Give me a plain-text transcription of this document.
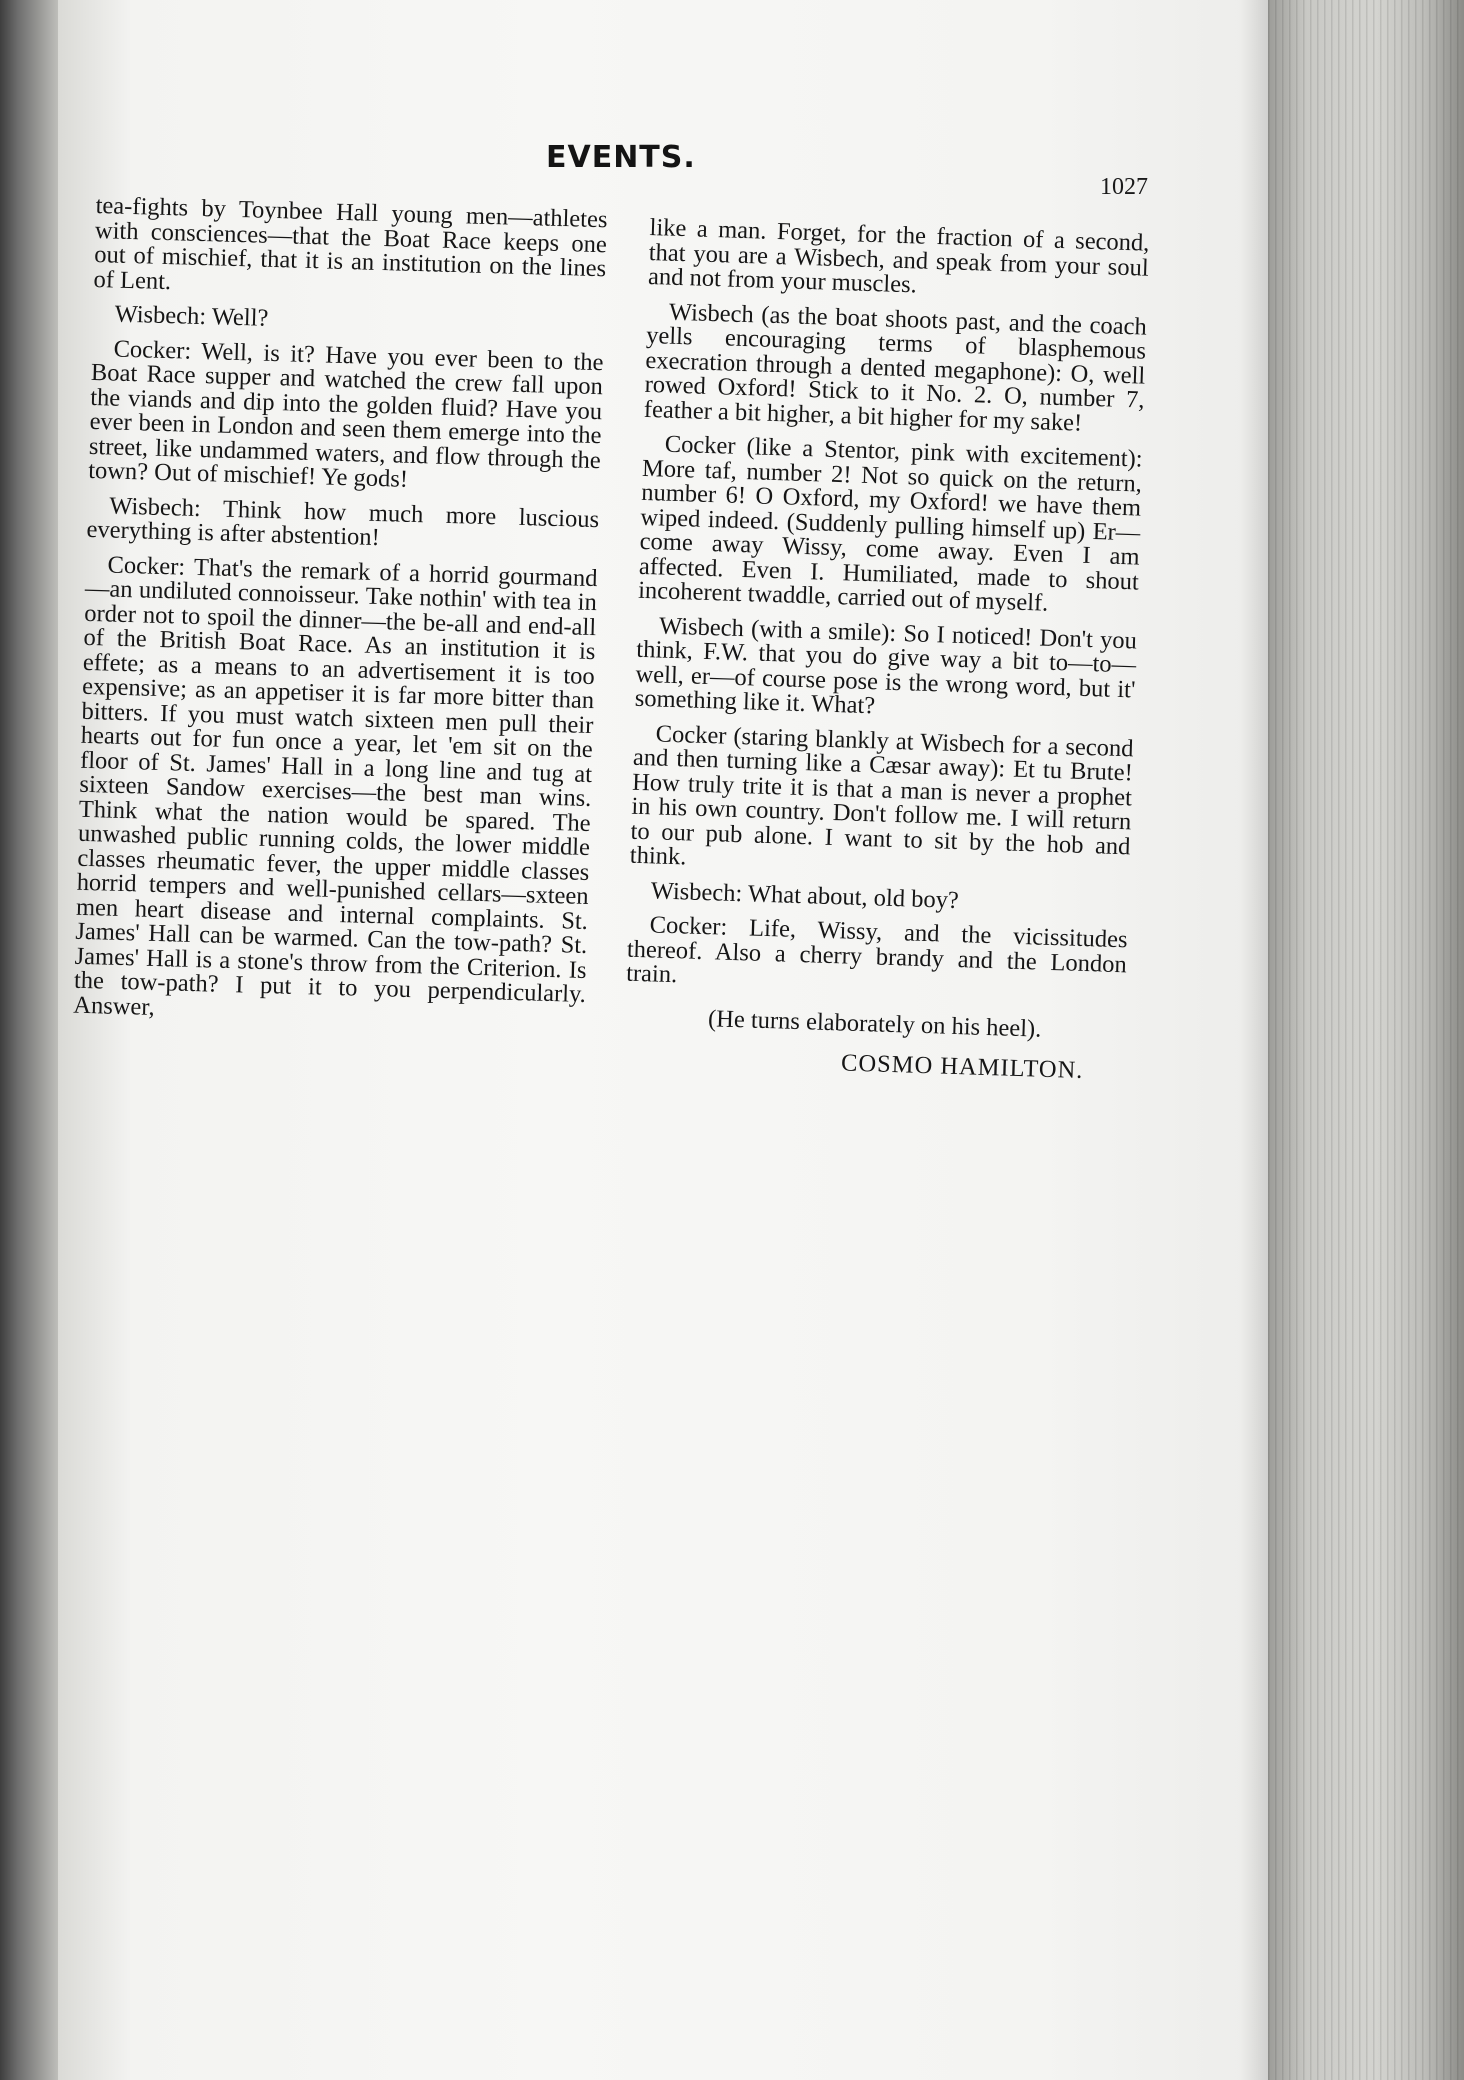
EVENTS.
1027

tea-fights by Toynbee Hall young men—athletes with consciences—that the Boat Race keeps one out of mischief, that it is an institution on the lines of Lent.

Wisbech: Well?

Cocker: Well, is it? Have you ever been to the Boat Race supper and watched the crew fall upon the viands and dip into the golden fluid? Have you ever been in London and seen them emerge into the street, like undammed waters, and flow through the town? Out of mischief! Ye gods!

Wisbech: Think how much more luscious everything is after abstention!

Cocker: That's the remark of a horrid gourmand—an undiluted connoisseur. Take nothin' with tea in order not to spoil the dinner—the be-all and end-all of the British Boat Race. As an institution it is effete; as a means to an advertisement it is too expensive; as an appetiser it is far more bitter than bitters. If you must watch sixteen men pull their hearts out for fun once a year, let 'em sit on the floor of St. James' Hall in a long line and tug at sixteen Sandow exercises—the best man wins. Think what the nation would be spared. The unwashed public running colds, the lower middle classes rheumatic fever, the upper middle classes horrid tempers and well-punished cellars—sxteen men heart disease and internal complaints. St. James' Hall can be warmed. Can the tow-path? St. James' Hall is a stone's throw from the Criterion. Is the tow-path? I put it to you perpendicularly. Answer,

like a man. Forget, for the fraction of a second, that you are a Wisbech, and speak from your soul and not from your muscles.

Wisbech (as the boat shoots past, and the coach yells encouraging terms of blasphemous execration through a dented megaphone): O, well rowed Oxford! Stick to it No. 2. O, number 7, feather a bit higher, a bit higher for my sake!

Cocker (like a Stentor, pink with excitement): More taf, number 2! Not so quick on the return, number 6! O Oxford, my Oxford! we have them wiped indeed. (Suddenly pulling himself up) Er—come away Wissy, come away. Even I am affected. Even I. Humiliated, made to shout incoherent twaddle, carried out of myself.

Wisbech (with a smile): So I noticed! Don't you think, F.W. that you do give way a bit to—to—well, er—of course pose is the wrong word, but it' something like it. What?

Cocker (staring blankly at Wisbech for a second and then turning like a Cæsar away): Et tu Brute! How truly trite it is that a man is never a prophet in his own country. Don't follow me. I will return to our pub alone. I want to sit by the hob and think.

Wisbech: What about, old boy?

Cocker: Life, Wissy, and the vicissitudes thereof. Also a cherry brandy and the London train.

(He turns elaborately on his heel).

COSMO HAMILTON.
